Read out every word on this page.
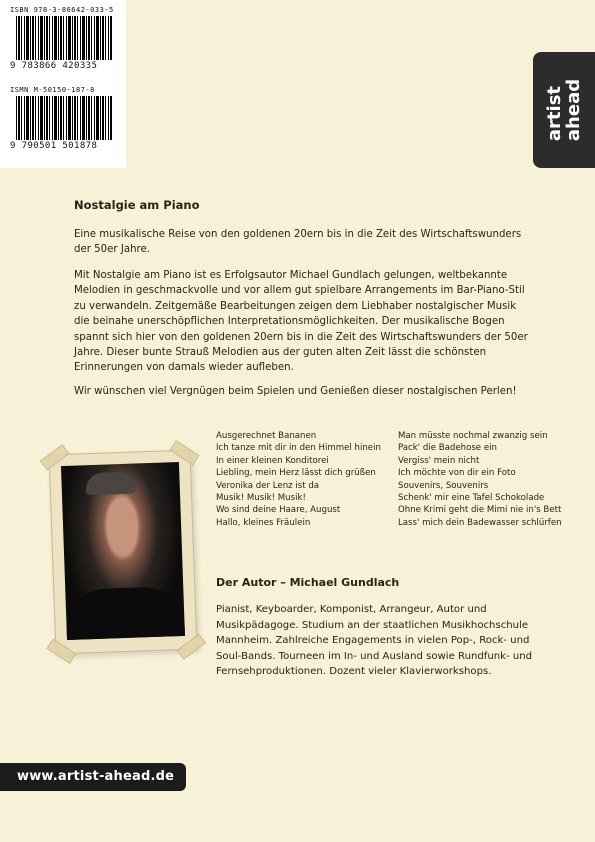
ISBN 978-3-86642-033-5
9 783866 420335
ISMN M-50150-187-8
9 790501 501878
artist
ahead
Nostalgie am Piano

Eine musikalische Reise von den goldenen 20ern bis in die Zeit des Wirtschaftswunders der 50er Jahre.

Mit Nostalgie am Piano ist es Erfolgsautor Michael Gundlach gelungen, weltbekannte Melodien in geschmackvolle und vor allem gut spielbare Arrangements im Bar-Piano-Stil zu verwandeln. Zeitgemäße Bearbeitungen zeigen dem Liebhaber nostalgischer Musik die beinahe unerschöpflichen Interpretationsmöglichkeiten. Der musikalische Bogen spannt sich hier von den goldenen 20ern bis in die Zeit des Wirtschaftswunders der 50er Jahre. Dieser bunte Strauß Melodien aus der guten alten Zeit lässt die schönsten Erinnerungen von damals wieder aufleben.

Wir wünschen viel Vergnügen beim Spielen und Genießen dieser nostalgischen Perlen!

Ausgerechnet Bananen
Ich tanze mit dir in den Himmel hinein
In einer kleinen Konditorei
Liebling, mein Herz lässt dich grüßen
Veronika der Lenz ist da
Musik! Musik! Musik!
Wo sind deine Haare, August
Hallo, kleines Fräulein
Man müsste nochmal zwanzig sein
Pack' die Badehose ein
Vergiss' mein nicht
Ich möchte von dir ein Foto
Souvenirs, Souvenirs
Schenk' mir eine Tafel Schokolade
Ohne Krimi geht die Mimi nie in's Bett
Lass' mich dein Badewasser schlürfen
Der Autor – Michael Gundlach

Pianist, Keyboarder, Komponist, Arrangeur, Autor und Musikpädagoge. Studium an der staatlichen Musikhochschule Mannheim. Zahlreiche Engagements in vielen Pop-, Rock- und Soul-Bands. Tourneen im In- und Ausland sowie Rundfunk- und Fernsehproduktionen. Dozent vieler Klavierworkshops.

www.artist-ahead.de
